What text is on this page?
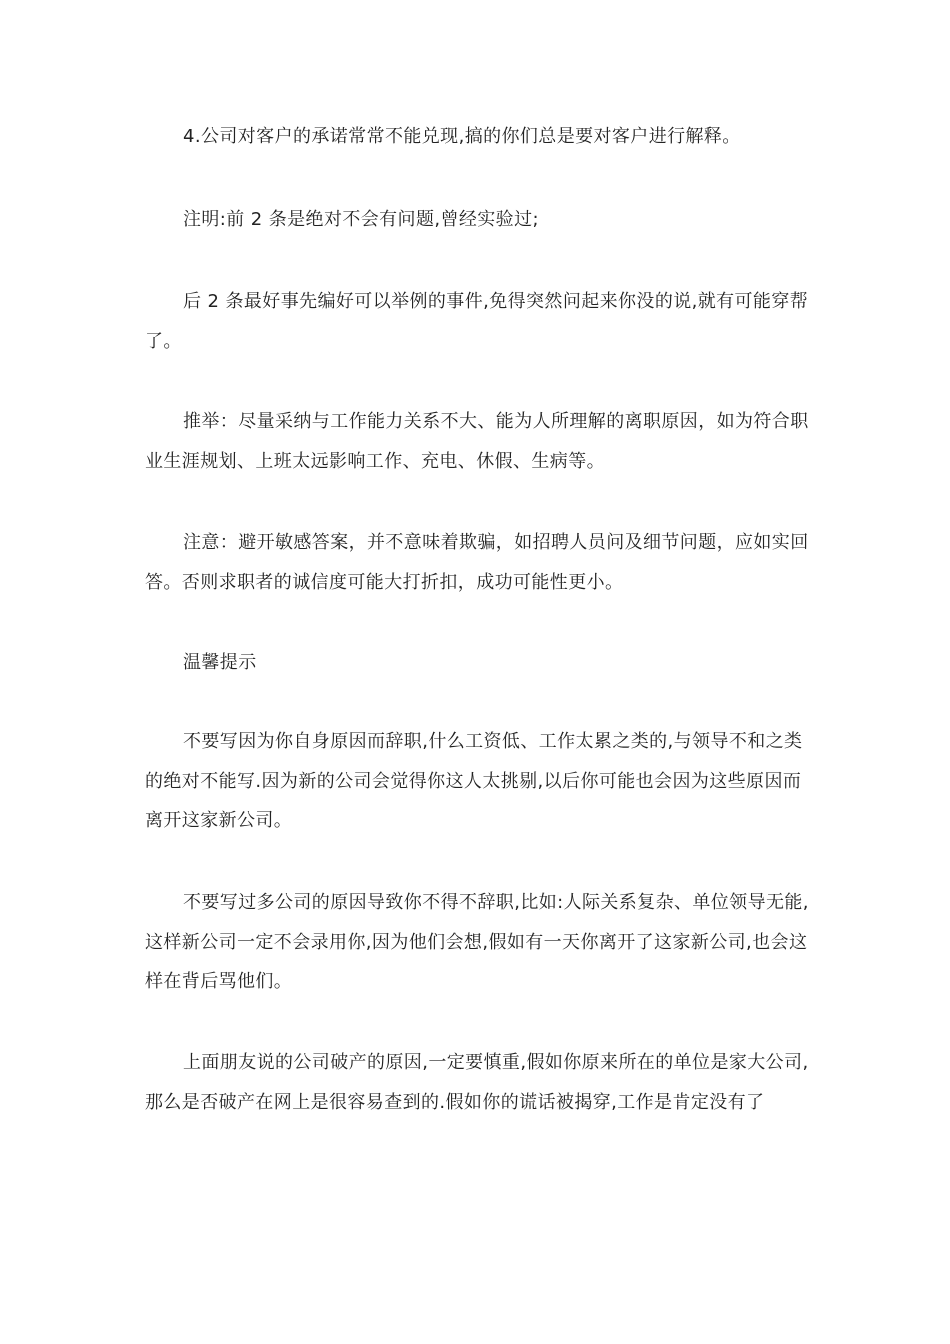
4.公司对客户的承诺常常不能兑现,搞的你们总是要对客户进行解释。

注明:前 2 条是绝对不会有问题,曾经实验过;

后 2 条最好事先编好可以举例的事件,免得突然问起来你没的说,就有可能穿帮了。

推举：尽量采纳与工作能力关系不大、能为人所理解的离职原因，如为符合职业生涯规划、上班太远影响工作、充电、休假、生病等。

注意：避开敏感答案，并不意味着欺骗，如招聘人员问及细节问题，应如实回答。否则求职者的诚信度可能大打折扣，成功可能性更小。

温馨提示

不要写因为你自身原因而辞职,什么工资低、工作太累之类的,与领导不和之类的绝对不能写.因为新的公司会觉得你这人太挑剔,以后你可能也会因为这些原因而离开这家新公司。

不要写过多公司的原因导致你不得不辞职,比如:人际关系复杂、单位领导无能,这样新公司一定不会录用你,因为他们会想,假如有一天你离开了这家新公司,也会这样在背后骂他们。

上面朋友说的公司破产的原因,一定要慎重,假如你原来所在的单位是家大公司,那么是否破产在网上是很容易查到的.假如你的谎话被揭穿,工作是肯定没有了
